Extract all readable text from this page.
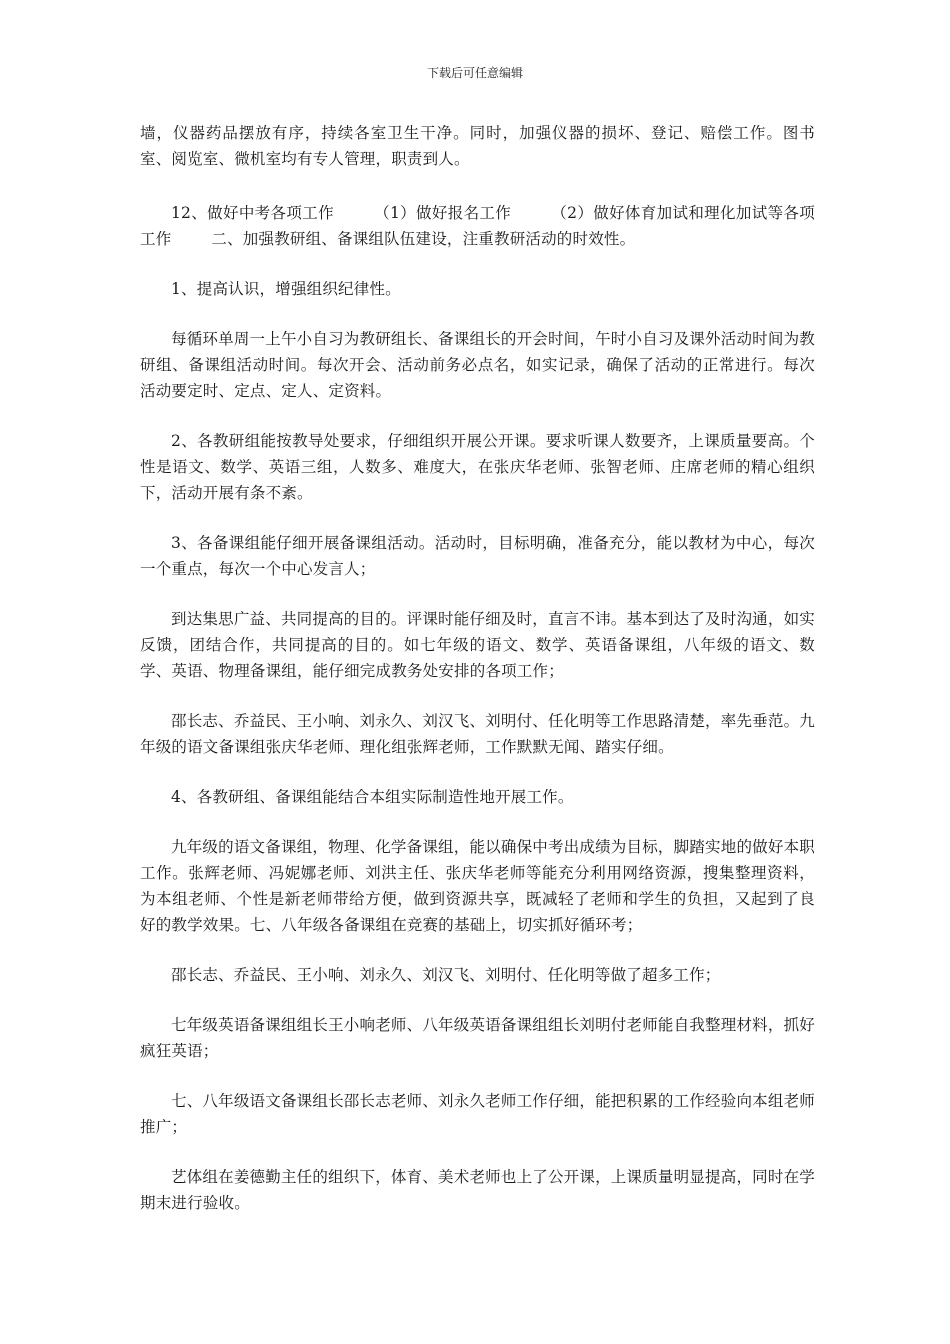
下载后可任意编辑

墙，仪器药品摆放有序，持续各室卫生干净。同时，加强仪器的损坏、登记、赔偿工作。图书室、阅览室、微机室均有专人管理，职责到人。

12、做好中考各项工作	（1）做好报名工作	（2）做好体育加试和理化加试等各项工作	二、加强教研组、备课组队伍建设，注重教研活动的时效性。

1、提高认识，增强组织纪律性。

每循环单周一上午小自习为教研组长、备课组长的开会时间，午时小自习及课外活动时间为教研组、备课组活动时间。每次开会、活动前务必点名，如实记录，确保了活动的正常进行。每次活动要定时、定点、定人、定资料。

2、各教研组能按教导处要求，仔细组织开展公开课。要求听课人数要齐，上课质量要高。个性是语文、数学、英语三组，人数多、难度大，在张庆华老师、张智老师、庄席老师的精心组织下，活动开展有条不紊。

3、各备课组能仔细开展备课组活动。活动时，目标明确，准备充分，能以教材为中心，每次一个重点，每次一个中心发言人；

到达集思广益、共同提高的目的。评课时能仔细及时，直言不讳。基本到达了及时沟通，如实反馈，团结合作，共同提高的目的。如七年级的语文、数学、英语备课组，八年级的语文、数学、英语、物理备课组，能仔细完成教务处安排的各项工作；

邵长志、乔益民、王小响、刘永久、刘汉飞、刘明付、任化明等工作思路清楚，率先垂范。九年级的语文备课组张庆华老师、理化组张辉老师，工作默默无闻、踏实仔细。

4、各教研组、备课组能结合本组实际制造性地开展工作。

九年级的语文备课组，物理、化学备课组，能以确保中考出成绩为目标，脚踏实地的做好本职工作。张辉老师、冯妮娜老师、刘洪主任、张庆华老师等能充分利用网络资源，搜集整理资料，为本组老师、个性是新老师带给方便，做到资源共享，既减轻了老师和学生的负担，又起到了良好的教学效果。七、八年级各备课组在竞赛的基础上，切实抓好循环考；

邵长志、乔益民、王小响、刘永久、刘汉飞、刘明付、任化明等做了超多工作；

七年级英语备课组组长王小响老师、八年级英语备课组组长刘明付老师能自我整理材料，抓好疯狂英语；

七、八年级语文备课组长邵长志老师、刘永久老师工作仔细，能把积累的工作经验向本组老师推广；

艺体组在姜德勤主任的组织下，体育、美术老师也上了公开课，上课质量明显提高，同时在学期末进行验收。
